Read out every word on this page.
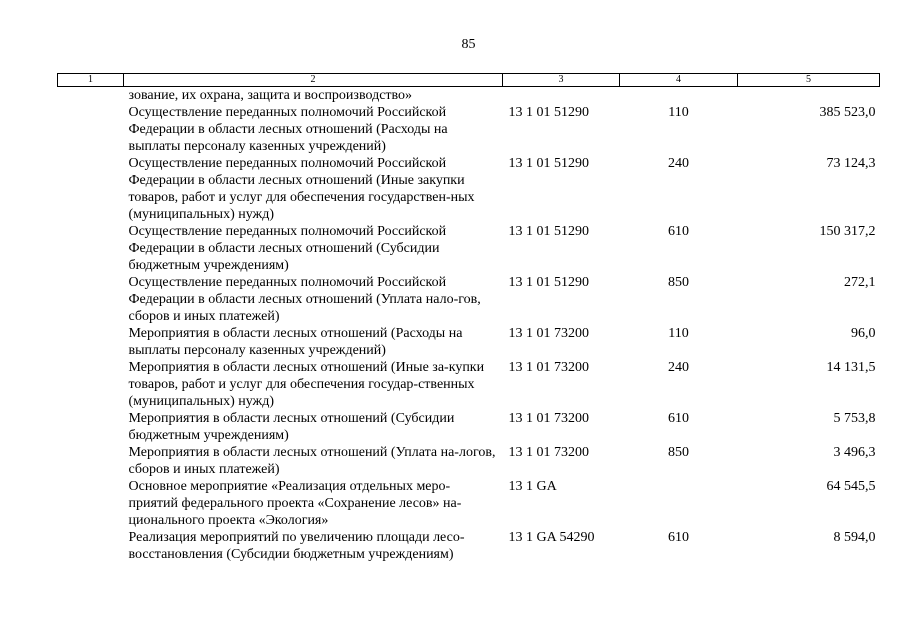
85
1	2	3	4	5
	зование, их охрана, защита и воспроизводство»			
	Осуществление переданных полномочий Российской Федерации в области лесных отношений (Расходы на выплаты персоналу казенных учреждений)	13 1 01 51290	110	385 523,0
	Осуществление переданных полномочий Российской Федерации в области лесных отношений (Иные закупки товаров, работ и услуг для обеспечения государствен-ных (муниципальных) нужд)	13 1 01 51290	240	73 124,3
	Осуществление переданных полномочий Российской Федерации в области лесных отношений (Субсидии бюджетным учреждениям)	13 1 01 51290	610	150 317,2
	Осуществление переданных полномочий Российской Федерации в области лесных отношений (Уплата нало-гов, сборов и иных платежей)	13 1 01 51290	850	272,1
	Мероприятия в области лесных отношений (Расходы на выплаты персоналу казенных учреждений)	13 1 01 73200	110	96,0
	Мероприятия в области лесных отношений (Иные за-купки товаров, работ и услуг для обеспечения государ-ственных (муниципальных) нужд)	13 1 01 73200	240	14 131,5
	Мероприятия в области лесных отношений (Субсидии бюджетным учреждениям)	13 1 01 73200	610	5 753,8
	Мероприятия в области лесных отношений (Уплата на-логов, сборов и иных платежей)	13 1 01 73200	850	3 496,3
	Основное мероприятие «Реализация отдельных меро-приятий федерального проекта «Сохранение лесов» на-ционального проекта «Экология»	13 1 GA		64 545,5
	Реализация мероприятий по увеличению площади лесо-восстановления (Субсидии бюджетным учреждениям)	13 1 GA 54290	610	8 594,0
